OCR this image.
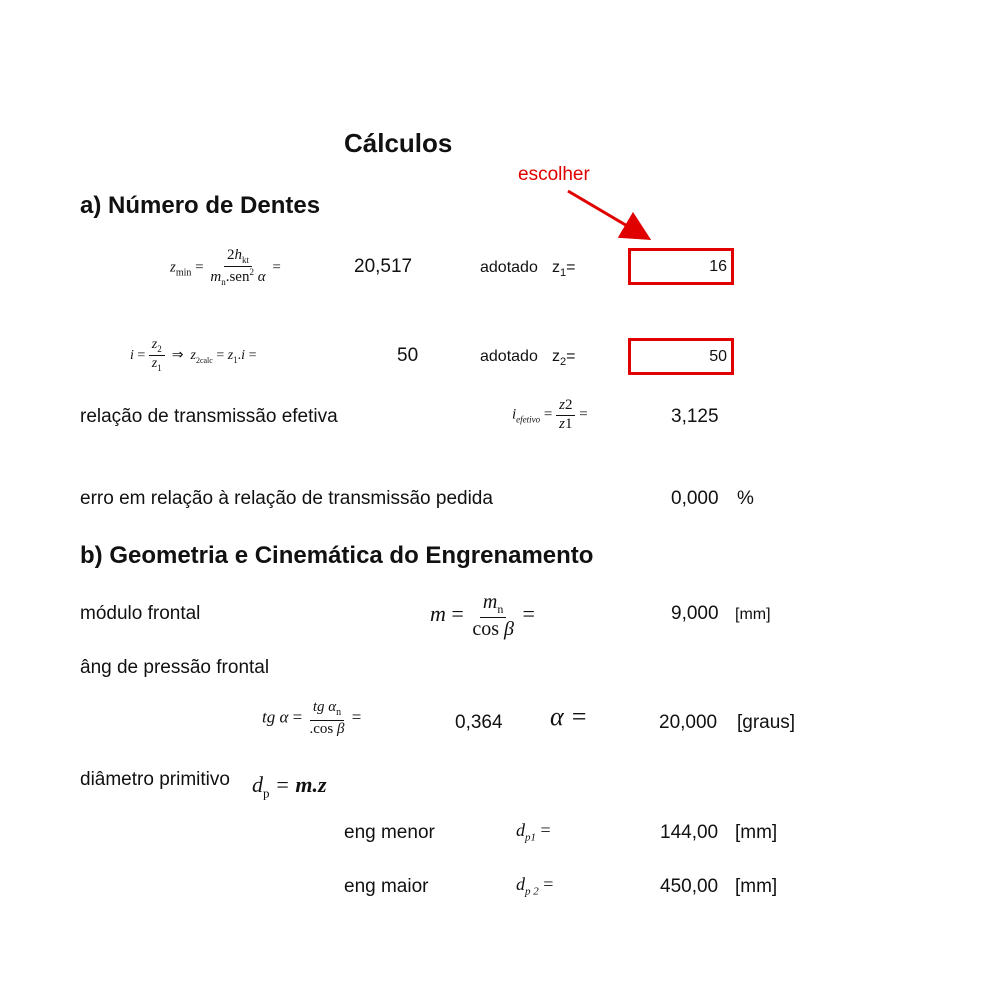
Cálculos
a) Número de Dentes
escolher
$z_{min} = \frac{2h_{kt}}{m_n.sen^2 \alpha}$ =	20,517	adotado $z_1=$	16
$i = \frac{z_2}{z_1}$ ⇒  $z_{2calc} = z_1.i$ =	50	adotado $z_2=$	50
relação de transmissão efetiva	$i_{efetivo} = \frac{z2}{z1}$ =	3,125
erro em relação à relação de transmissão pedida	0,000 %
b) Geometria e Cinemática do Engrenamento
módulo frontal	$m = \frac{m_n}{\text{cos β}}$ =	9,000 [mm]
âng de pressão frontal
tg $\alpha = \frac{tg \alpha_n}{\text{.cos β}}$ =	0,364 α =	20,000 [graus]
diâmetro primitivo $d_p = m.z$
eng menor	$d_{p1}$ =	144,00 [mm]
eng maior	$d_{p 2}$ =	450,00 [mm]
